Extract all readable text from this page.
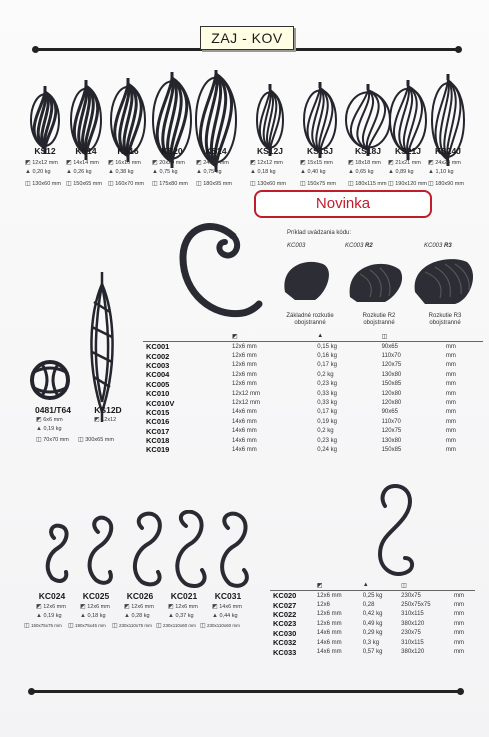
ZAJ - KOV
KS12
◩ 12x12 mm
▲ 0,20 kg
◫ 130x60 mm
KS14
◩ 14x14 mm
▲ 0,26 kg
◫ 150x65 mm
KS16
◩ 16x16 mm
▲ 0,38 kg
◫ 160x70 mm
KS20
◩ 20x20 mm
▲ 0,75 kg
◫ 175x80 mm
KS24
◩ 24x24 mm
▲ 0,75 kg
◫ 180x95 mm
KS12J
◩ 12x12 mm
▲ 0,18 kg
◫ 130x60 mm
KS15J
◩ 15x15 mm
▲ 0,40 kg
◫ 150x75 mm
KS18J
◩ 18x18 mm
▲ 0,65 kg
◫ 180x115 mm
KS21J
◩ 21x21 mm
▲ 0,89 kg
◫ 190x120 mm
KS24J
◩ 24x24 mm
▲ 1,10 kg
◫ 180x90 mm
Novinka
Príklad uvádzania kódu:
KC003	KC003 R2	KC003 R3
Základné rozkutie
obojstranné
Rozkutie R2
obojstranné
Rozkutie R3
obojstranné
0481/T64
◩ 6x6 mm
▲ 0,19 kg
◫ 70x70 mm
KS12D
◩ 12x12
◫ 300x65 mm
	◩	▲	◫	
KC001	12x6 mm	0,15 kg	90x65	mm
KC002	12x6 mm	0,16 kg	110x70	mm
KC003	12x6 mm	0,17 kg	120x75	mm
KC004	12x6 mm	0,2 kg	130x80	mm
KC005	12x6 mm	0,23 kg	150x85	mm
KC010	12x12 mm	0,33 kg	120x80	mm
KC010V	12x12 mm	0,33 kg	120x80	mm
KC015	14x6 mm	0,17 kg	90x65	mm
KC016	14x6 mm	0,19 kg	110x70	mm
KC017	14x6 mm	0,2 kg	120x75	mm
KC018	14x6 mm	0,23 kg	130x80	mm
KC019	14x6 mm	0,24 kg	150x85	mm
KC024
◩ 12x6 mm
▲ 0,19 kg
◫ 150x75x75 mm
KC025
◩ 12x6 mm
▲ 0,18 kg
◫ 190x75x45 mm
KC026
◩ 12x6 mm
▲ 0,28 kg
◫ 230x110x75 mm
KC021
◩ 12x6 mm
▲ 0,37 kg
◫ 230x110x60 mm
KC031
◩ 14x6 mm
▲ 0,44 kg
◫ 230x110x60 mm
	◩	▲	◫	
KC020	12x6 mm	0,25 kg	230x75	mm
KC027	12x6	0,28	250x75x75	mm
KC022	12x6 mm	0,42 kg	310x115	mm
KC023	12x6 mm	0,49 kg	380x120	mm
KC030	14x6 mm	0,29 kg	230x75	mm
KC032	14x6 mm	0,3 kg	310x115	mm
KC033	14x6 mm	0,57 kg	380x120	mm
